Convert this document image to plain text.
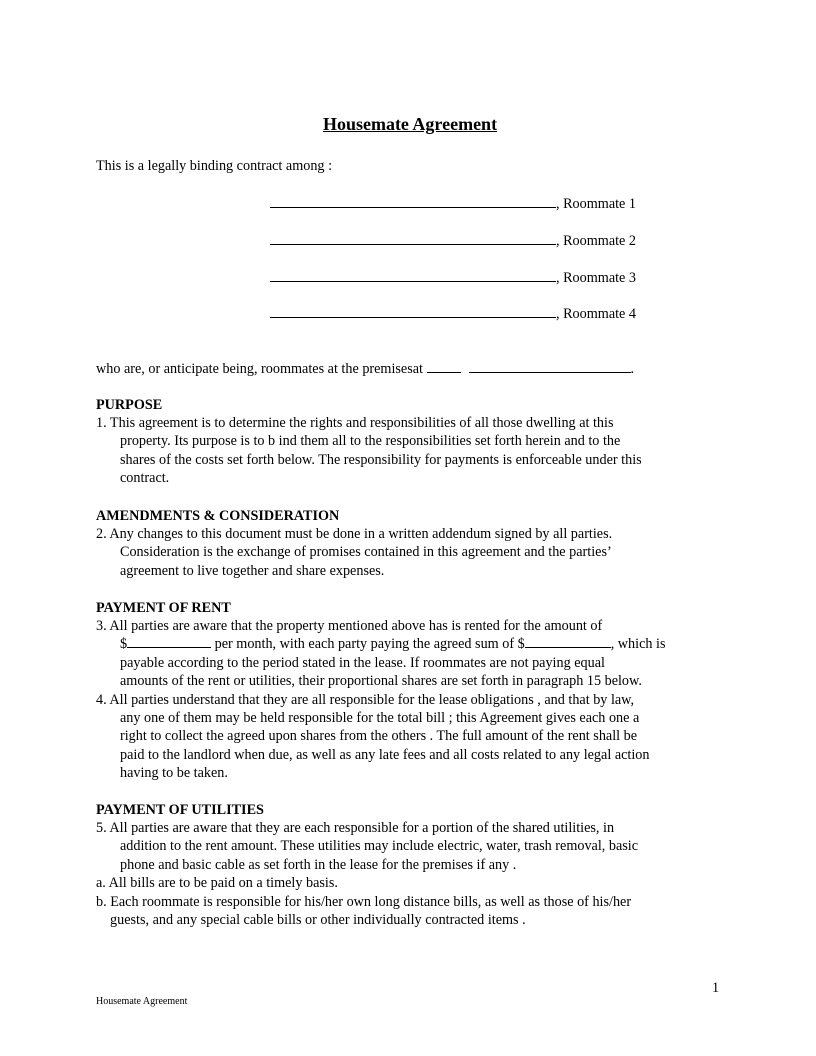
Housemate Agreement
This is a legally binding contract among :
, Roommate 1
, Roommate 2
, Roommate 3
, Roommate 4
who are, or anticipate being, roommates at the premisesat	.
PURPOSE
1. This agreement is to determine the rights and responsibilities of all those dwelling at this
property. Its purpose is to b ind them all to the responsibilities set forth herein and to the
shares of the costs set forth below. The responsibility for payments is enforceable under this
contract.
AMENDMENTS & CONSIDERATION
2. Any changes to this document must be done in a written addendum signed by all parties.
Consideration is the exchange of promises contained in this agreement and the parties’
agreement to live together and share expenses.
PAYMENT OF RENT
3. All parties are aware that the property mentioned above has is rented for the amount of
$	per month, with each party paying the agreed sum of $	, which is
payable according to the period stated in the lease. If roommates are not paying equal
amounts of the rent or utilities, their proportional shares are set forth in paragraph 15 below.
4. All parties understand that they are all responsible for the lease obligations , and that by law,
any one of them may be held responsible for the total bill ; this Agreement gives each one a
right to collect the agreed upon shares from the others . The full amount of the rent shall be
paid to the landlord when due, as well as any late fees and all costs related to any legal action
having to be taken.
PAYMENT OF UTILITIES
5. All parties are aware that they are each responsible for a portion of the shared utilities, in
addition to the rent amount. These utilities may include electric, water, trash removal, basic
phone and basic cable as set forth in the lease for the premises if any .
a. All bills are to be paid on a timely basis.
b. Each roommate is responsible for his/her own long distance bills, as well as those of his/her
guests, and any special cable bills or other individually contracted items .
1
Housemate Agreement
